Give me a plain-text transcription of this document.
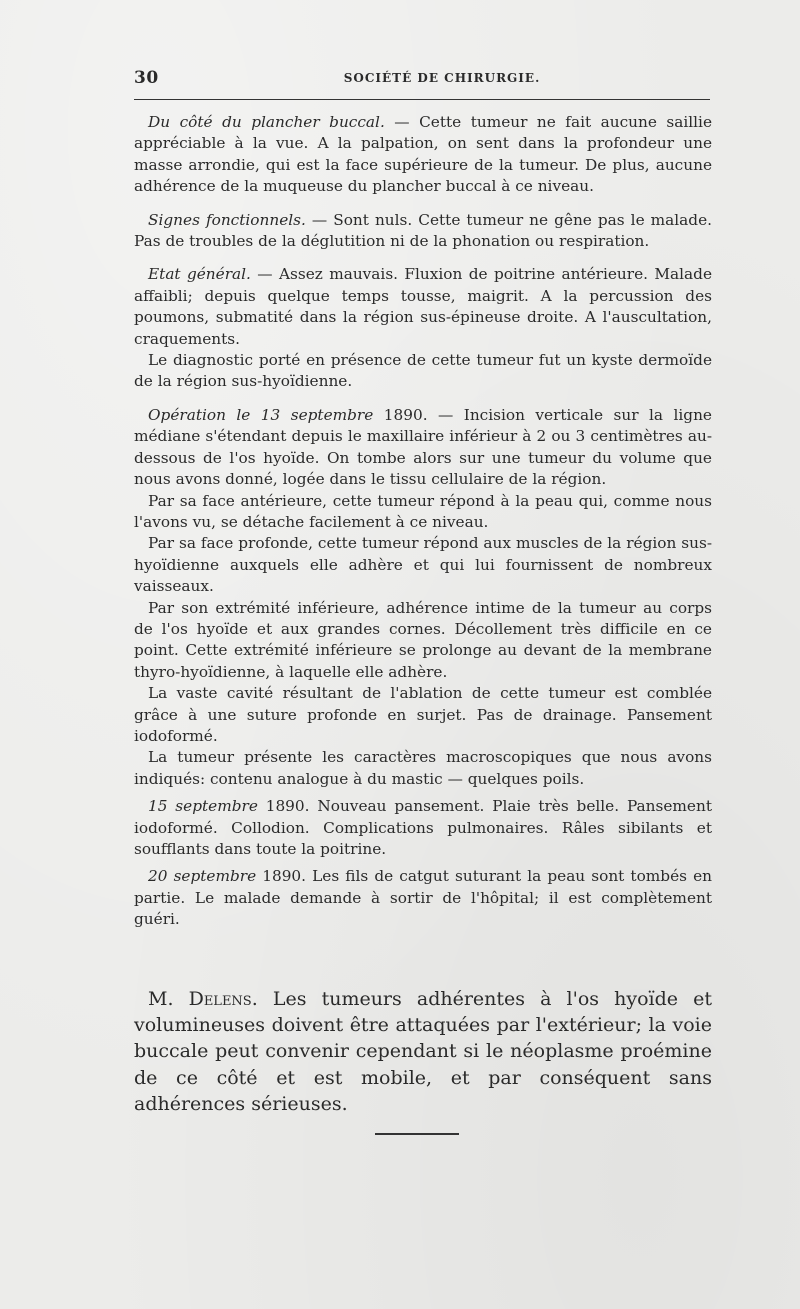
30	SOCIÉTÉ DE CHIRURGIE.

Du côté du plancher buccal. — Cette tumeur ne fait aucune saillie appréciable à la vue. A la palpation, on sent dans la profondeur une masse arrondie, qui est la face supérieure de la tumeur. De plus, aucune adhérence de la muqueuse du plancher buccal à ce niveau.

Signes fonctionnels. — Sont nuls. Cette tumeur ne gêne pas le malade. Pas de troubles de la déglutition ni de la phonation ou respiration.

Etat général. — Assez mauvais. Fluxion de poitrine antérieure. Malade affaibli; depuis quelque temps tousse, maigrit. A la percussion des poumons, submatité dans la région sus-épineuse droite. A l'auscultation, craquements.

Le diagnostic porté en présence de cette tumeur fut un kyste dermoïde de la région sus-hyoïdienne.

Opération le 13 septembre 1890. — Incision verticale sur la ligne médiane s'étendant depuis le maxillaire inférieur à 2 ou 3 centimètres au-dessous de l'os hyoïde. On tombe alors sur une tumeur du volume que nous avons donné, logée dans le tissu cellulaire de la région.

Par sa face antérieure, cette tumeur répond à la peau qui, comme nous l'avons vu, se détache facilement à ce niveau.

Par sa face profonde, cette tumeur répond aux muscles de la région sus-hyoïdienne auxquels elle adhère et qui lui fournissent de nombreux vaisseaux.

Par son extrémité inférieure, adhérence intime de la tumeur au corps de l'os hyoïde et aux grandes cornes. Décollement très difficile en ce point. Cette extrémité inférieure se prolonge au devant de la membrane thyro-hyoïdienne, à laquelle elle adhère.

La vaste cavité résultant de l'ablation de cette tumeur est comblée grâce à une suture profonde en surjet. Pas de drainage. Pansement iodoformé.

La tumeur présente les caractères macroscopiques que nous avons indiqués: contenu analogue à du mastic — quelques poils.

15 septembre 1890. Nouveau pansement. Plaie très belle. Pansement iodoformé. Collodion. Complications pulmonaires. Râles sibilants et soufflants dans toute la poitrine.

20 septembre 1890. Les fils de catgut suturant la peau sont tombés en partie. Le malade demande à sortir de l'hôpital; il est complètement guéri.

M. Delens. Les tumeurs adhérentes à l'os hyoïde et volumineuses doivent être attaquées par l'extérieur; la voie buccale peut convenir cependant si le néoplasme proémine de ce côté et est mobile, et par conséquent sans adhérences sérieuses.
